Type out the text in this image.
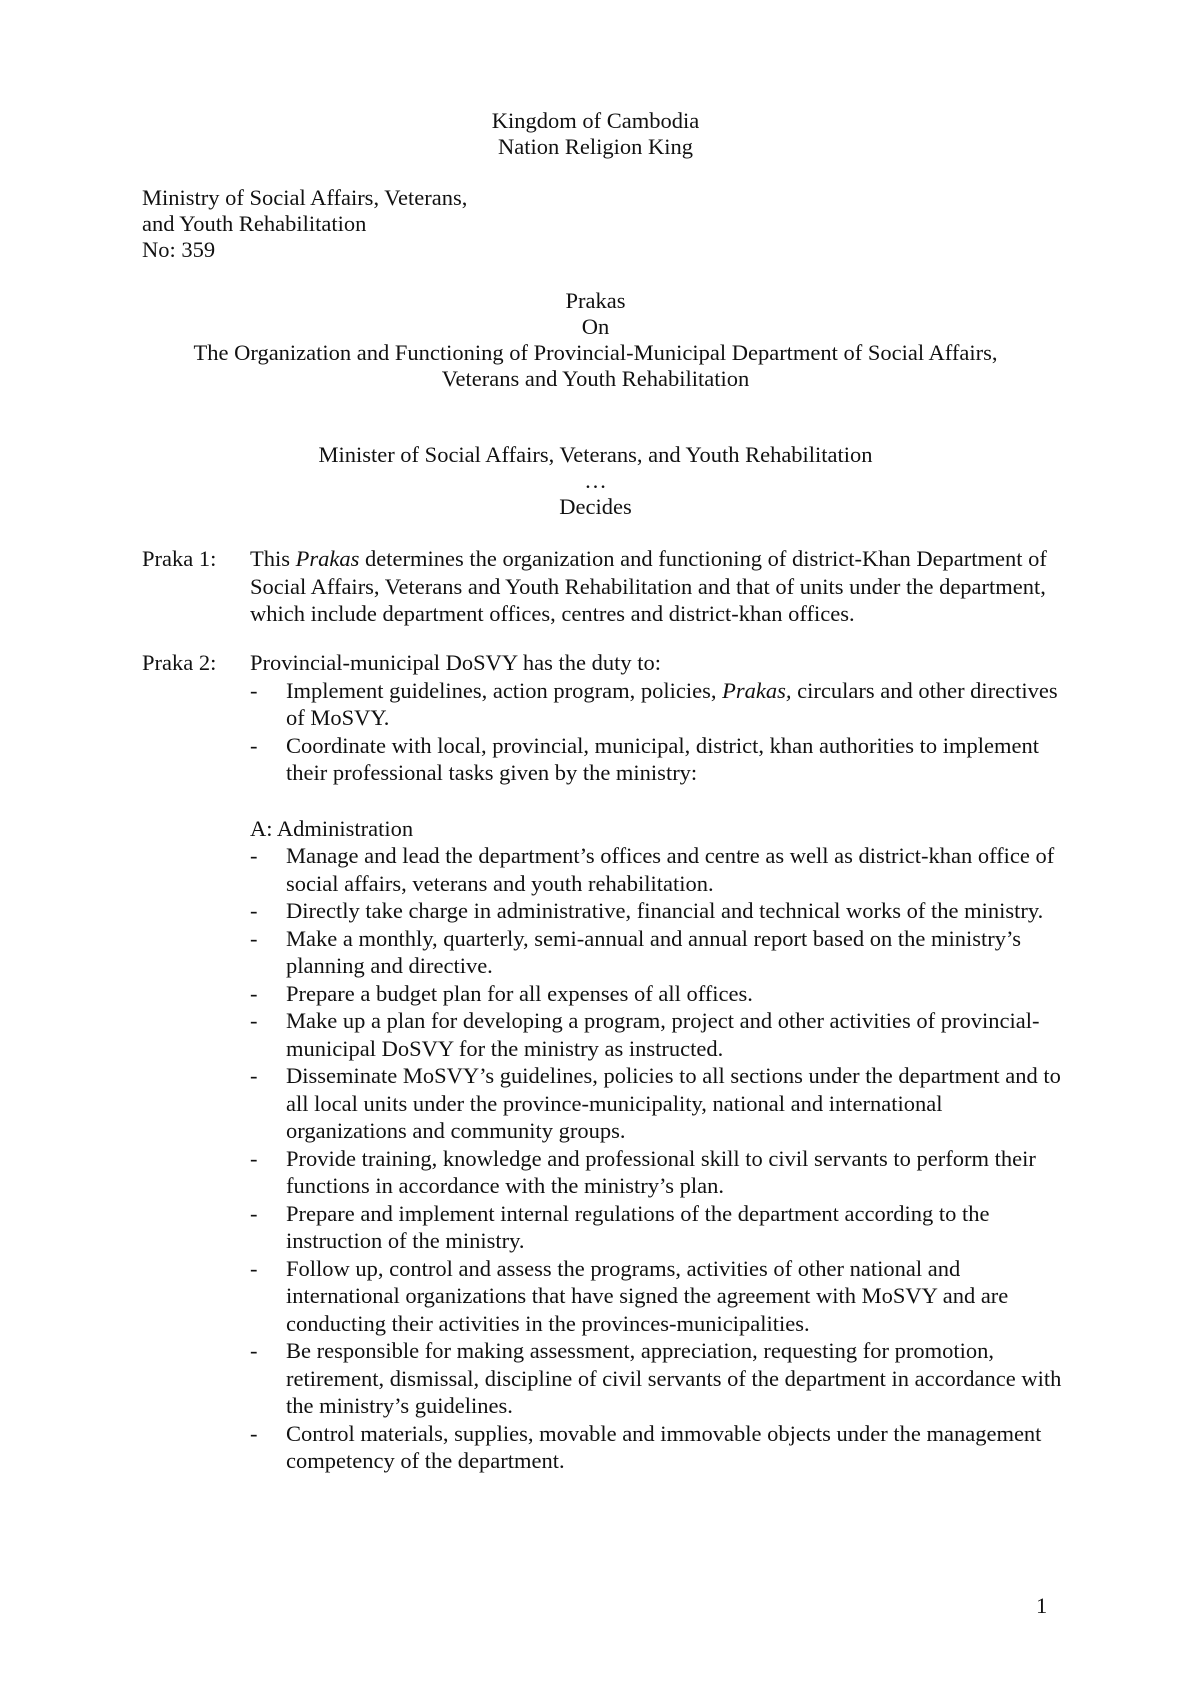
Kingdom of Cambodia
Nation Religion King
Ministry of Social Affairs, Veterans,
and Youth Rehabilitation
No: 359
Prakas
On
The Organization and Functioning of Provincial-Municipal Department of Social Affairs,
Veterans and Youth Rehabilitation
Minister of Social Affairs, Veterans, and Youth Rehabilitation
…
Decides
Praka 1:	This Prakas determines the organization and functioning of district-Khan Department of Social Affairs, Veterans and Youth Rehabilitation and that of units under the department, which include department offices, centres and district-khan offices.
Praka 2:	Provincial-municipal DoSVY has the duty to:
- Implement guidelines, action program, policies, Prakas, circulars and other directives of MoSVY.
- Coordinate with local, provincial, municipal, district, khan authorities to implement their professional tasks given by the ministry:
A: Administration
- Manage and lead the department’s offices and centre as well as district-khan office of social affairs, veterans and youth rehabilitation.
- Directly take charge in administrative, financial and technical works of the ministry.
- Make a monthly, quarterly, semi-annual and annual report based on the ministry’s planning and directive.
- Prepare a budget plan for all expenses of all offices.
- Make up a plan for developing a program, project and other activities of provincial-municipal DoSVY for the ministry as instructed.
- Disseminate MoSVY’s guidelines, policies to all sections under the department and to all local units under the province-municipality, national and international organizations and community groups.
- Provide training, knowledge and professional skill to civil servants to perform their functions in accordance with the ministry’s plan.
- Prepare and implement internal regulations of the department according to the instruction of the ministry.
- Follow up, control and assess the programs, activities of other national and international organizations that have signed the agreement with MoSVY and are conducting their activities in the provinces-municipalities.
- Be responsible for making assessment, appreciation, requesting for promotion, retirement, dismissal, discipline of civil servants of the department in accordance with the ministry’s guidelines.
- Control materials, supplies, movable and immovable objects under the management competency of the department.
1
